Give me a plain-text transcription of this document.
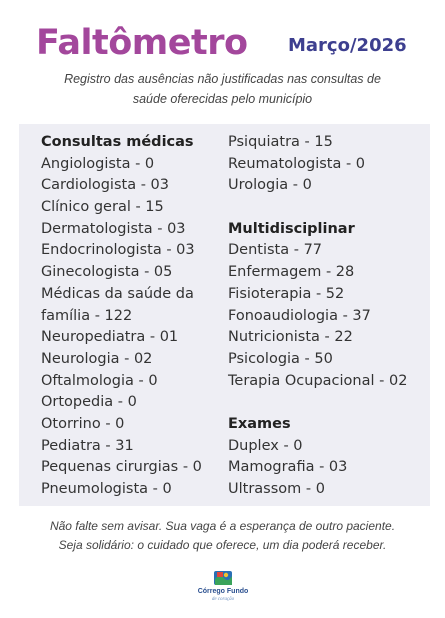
Faltômetro Março/2026
Registro das ausências não justificadas nas consultas de
saúde oferecidas pelo município
Consultas médicas
Angiologista - 0
Cardiologista - 03
Clínico geral - 15
Dermatologista - 03
Endocrinologista - 03
Ginecologista - 05
Médicas da saúde da
família - 122
Neuropediatra - 01
Neurologia - 02
Oftalmologia - 0
Ortopedia - 0
Otorrino - 0
Pediatra - 31
Pequenas cirurgias - 0
Pneumologista - 0
Psiquiatra - 15
Reumatologista - 0
Urologia - 0
Multidisciplinar
Dentista - 77
Enfermagem - 28
Fisioterapia - 52
Fonoaudiologia - 37
Nutricionista - 22
Psicologia - 50
Terapia Ocupacional - 02
Exames
Duplex - 0
Mamografia - 03
Ultrassom - 0
Não falte sem avisar. Sua vaga é a esperança de outro paciente.
Seja solidário: o cuidado que oferece, um dia poderá receber.
Córrego Fundo
de coração
